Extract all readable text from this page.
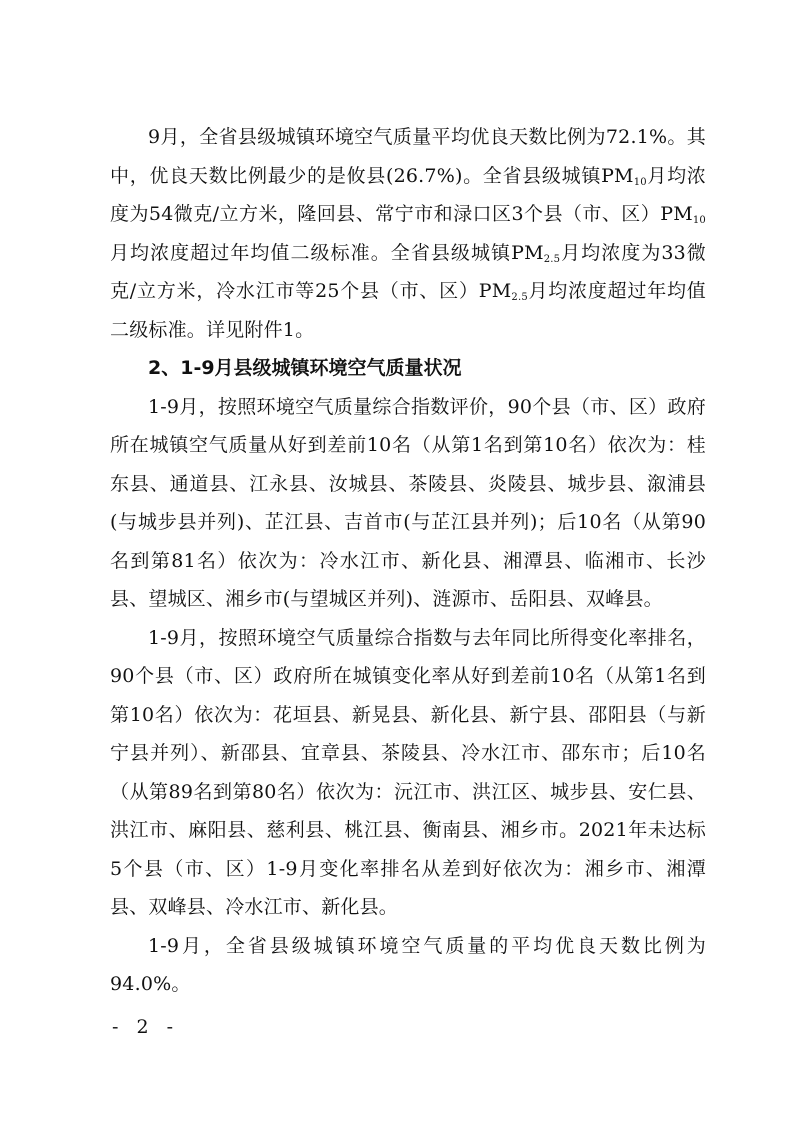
9月，全省县级城镇环境空气质量平均优良天数比例为72.1%。其中，优良天数比例最少的是攸县(26.7%)。全省县级城镇$PM_{10}$月均浓度为54微克/立方米，隆回县、常宁市和渌口区3个县（市、区）$PM_{10}$月均浓度超过年均值二级标准。全省县级城镇$PM_{2.5}$月均浓度为33微克/立方米，冷水江市等25个县（市、区）$PM_{2.5}$月均浓度超过年均值二级标准。详见附件1。

2、1-9月县级城镇环境空气质量状况

1-9月，按照环境空气质量综合指数评价，90个县（市、区）政府所在城镇空气质量从好到差前10名（从第1名到第10名）依次为：桂东县、通道县、江永县、汝城县、茶陵县、炎陵县、城步县、溆浦县(与城步县并列)、芷江县、吉首市(与芷江县并列)；后10名（从第90名到第81名）依次为：冷水江市、新化县、湘潭县、临湘市、长沙县、望城区、湘乡市(与望城区并列)、涟源市、岳阳县、双峰县。

1-9月，按照环境空气质量综合指数与去年同比所得变化率排名，90个县（市、区）政府所在城镇变化率从好到差前10名（从第1名到第10名）依次为：花垣县、新晃县、新化县、新宁县、邵阳县（与新宁县并列）、新邵县、宜章县、茶陵县、冷水江市、邵东市；后10名（从第89名到第80名）依次为：沅江市、洪江区、城步县、安仁县、洪江市、麻阳县、慈利县、桃江县、衡南县、湘乡市。2021年未达标5个县（市、区）1-9月变化率排名从差到好依次为：湘乡市、湘潭县、双峰县、冷水江市、新化县。

1-9月，全省县级城镇环境空气质量的平均优良天数比例为94.0%。

- 2 -
